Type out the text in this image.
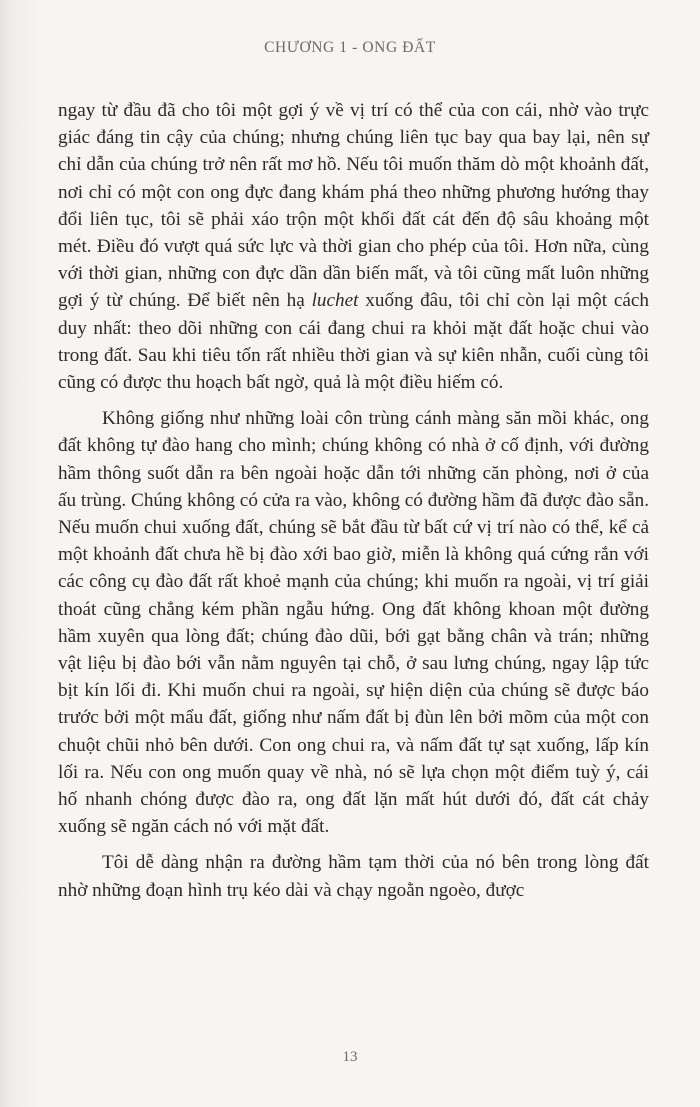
CHƯƠNG 1 - ONG ĐẤT

ngay từ đầu đã cho tôi một gợi ý về vị trí có thể của con cái, nhờ vào trực giác đáng tin cậy của chúng; nhưng chúng liên tục bay qua bay lại, nên sự chỉ dẫn của chúng trở nên rất mơ hồ. Nếu tôi muốn thăm dò một khoảnh đất, nơi chỉ có một con ong đực đang khám phá theo những phương hướng thay đổi liên tục, tôi sẽ phải xáo trộn một khối đất cát đến độ sâu khoảng một mét. Điều đó vượt quá sức lực và thời gian cho phép của tôi. Hơn nữa, cùng với thời gian, những con đực dần dần biến mất, và tôi cũng mất luôn những gợi ý từ chúng. Để biết nên hạ luchet xuống đâu, tôi chỉ còn lại một cách duy nhất: theo dõi những con cái đang chui ra khỏi mặt đất hoặc chui vào trong đất. Sau khi tiêu tốn rất nhiều thời gian và sự kiên nhẫn, cuối cùng tôi cũng có được thu hoạch bất ngờ, quả là một điều hiếm có.

Không giống như những loài côn trùng cánh màng săn mồi khác, ong đất không tự đào hang cho mình; chúng không có nhà ở cố định, với đường hầm thông suốt dẫn ra bên ngoài hoặc dẫn tới những căn phòng, nơi ở của ấu trùng. Chúng không có cửa ra vào, không có đường hầm đã được đào sẵn. Nếu muốn chui xuống đất, chúng sẽ bắt đầu từ bất cứ vị trí nào có thể, kể cả một khoảnh đất chưa hề bị đào xới bao giờ, miễn là không quá cứng rắn với các công cụ đào đất rất khoẻ mạnh của chúng; khi muốn ra ngoài, vị trí giải thoát cũng chẳng kém phần ngẫu hứng. Ong đất không khoan một đường hầm xuyên qua lòng đất; chúng đào dũi, bới gạt bằng chân và trán; những vật liệu bị đào bới vẫn nằm nguyên tại chỗ, ở sau lưng chúng, ngay lập tức bịt kín lối đi. Khi muốn chui ra ngoài, sự hiện diện của chúng sẽ được báo trước bởi một mẩu đất, giống như nấm đất bị đùn lên bởi mõm của một con chuột chũi nhỏ bên dưới. Con ong chui ra, và nấm đất tự sạt xuống, lấp kín lối ra. Nếu con ong muốn quay về nhà, nó sẽ lựa chọn một điểm tuỳ ý, cái hố nhanh chóng được đào ra, ong đất lặn mất hút dưới đó, đất cát chảy xuống sẽ ngăn cách nó với mặt đất.

Tôi dễ dàng nhận ra đường hầm tạm thời của nó bên trong lòng đất nhờ những đoạn hình trụ kéo dài và chạy ngoằn ngoèo, được

13
